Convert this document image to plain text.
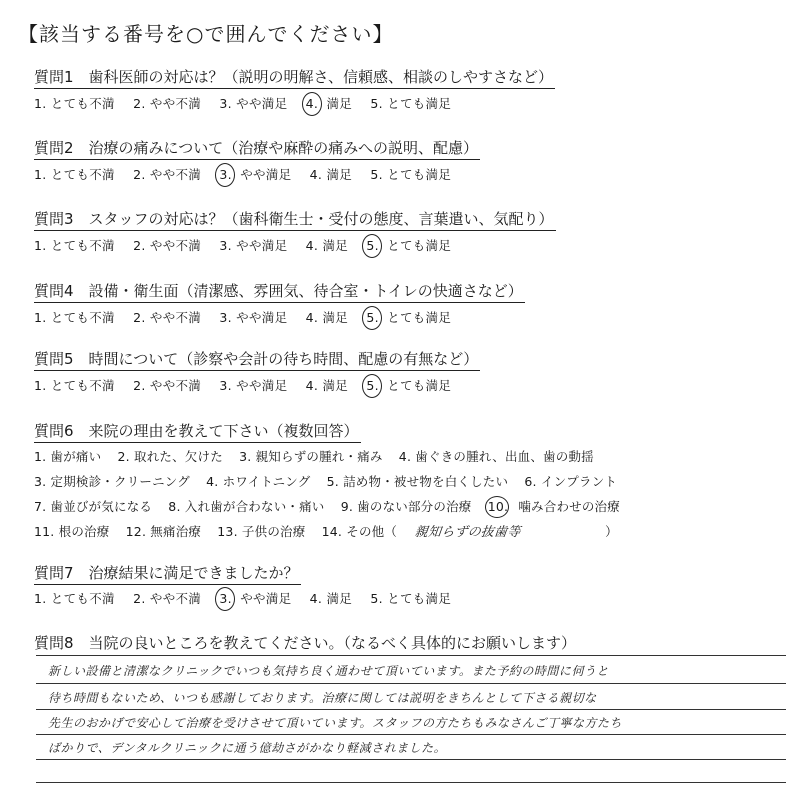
【該当する番号を○で囲んでください】
質問1　歯科医師の対応は？（説明の明解さ、信頼感、相談のしやすさなど）
1. とても不満 2. やや不満 3. やや満足 4. 満足 5. とても満足
質問2　治療の痛みについて（治療や麻酔の痛みへの説明、配慮）
1. とても不満 2. やや不満 3. やや満足 4. 満足 5. とても満足
質問3　スタッフの対応は？（歯科衛生士・受付の態度、言葉遣い、気配り）
1. とても不満 2. やや不満 3. やや満足 4. 満足 5. とても満足
質問4　設備・衛生面（清潔感、雰囲気、待合室・トイレの快適さなど）
1. とても不満 2. やや不満 3. やや満足 4. 満足 5. とても満足
質問5　時間について（診察や会計の待ち時間、配慮の有無など）
1. とても不満 2. やや不満 3. やや満足 4. 満足 5. とても満足
質問6　来院の理由を教えて下さい（複数回答）
1. 歯が痛い 2. 取れた、欠けた 3. 親知らずの腫れ・痛み 4. 歯ぐきの腫れ、出血、歯の動揺
3. 定期検診・クリーニング 4. ホワイトニング 5. 詰め物・被せ物を白くしたい 6. インプラント
7. 歯並びが気になる 8. 入れ歯が合わない・痛い 9. 歯のない部分の治療 10. 噛み合わせの治療
11. 根の治療 12. 無痛治療 13. 子供の治療 14. その他（ 親知らずの抜歯等	）
質問7　治療結果に満足できましたか？
1. とても不満 2. やや不満 3. やや満足 4. 満足 5. とても満足
質問8　当院の良いところを教えてください。（なるべく具体的にお願いします）
新しい設備と清潔なクリニックでいつも気持ち良く通わせて頂いています。また予約の時間に伺うと
待ち時間もないため、いつも感謝しております。治療に関しては説明をきちんとして下さる親切な
先生のおかげで安心して治療を受けさせて頂いています。スタッフの方たちもみなさんご丁寧な方たち
ばかりで、デンタルクリニックに通う億劫さがかなり軽減されました。
